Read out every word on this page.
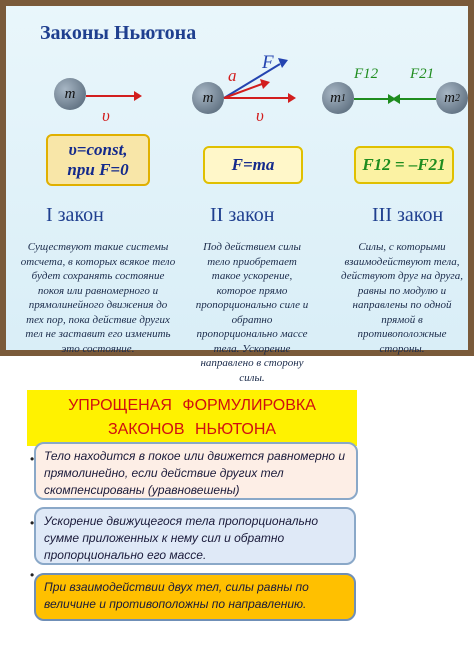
Законы Ньютона
m
υ
m
a
F
υ
m 1	m 2
F12 F21
υ=const,
при F=0	F=ma	F12 = –F21
I закон	II закон	III закон
Существуют такие системы отсчета, в которых всякое тело будет сохранять состояние покоя или равномерного и прямолинейного движения до тех пор, пока действие других тел не заставит его изменить это состояние.
Под действием силы тело приобретает такое ускорение, которое прямо пропорционально силе и обратно пропорционально массе тела. Ускорение направлено в сторону силы.
Силы, с которыми взаимодействуют тела, действуют друг на друга, равны по модулю и направлены по одной прямой в противоположные стороны.
УПРОЩЕНАЯ ФОРМУЛИРОВКА
ЗАКОНОВ НЬЮТОНА
• Тело находится в покое или движется равномерно и прямолинейно, если действие других тел скомпенсированы (уравновешены)
• Ускорение движущегося тела пропорционально сумме приложенных к нему сил и обратно пропорционально его массе.
•
При взаимодействии двух тел, силы равны по величине и противоположны по направлению.
